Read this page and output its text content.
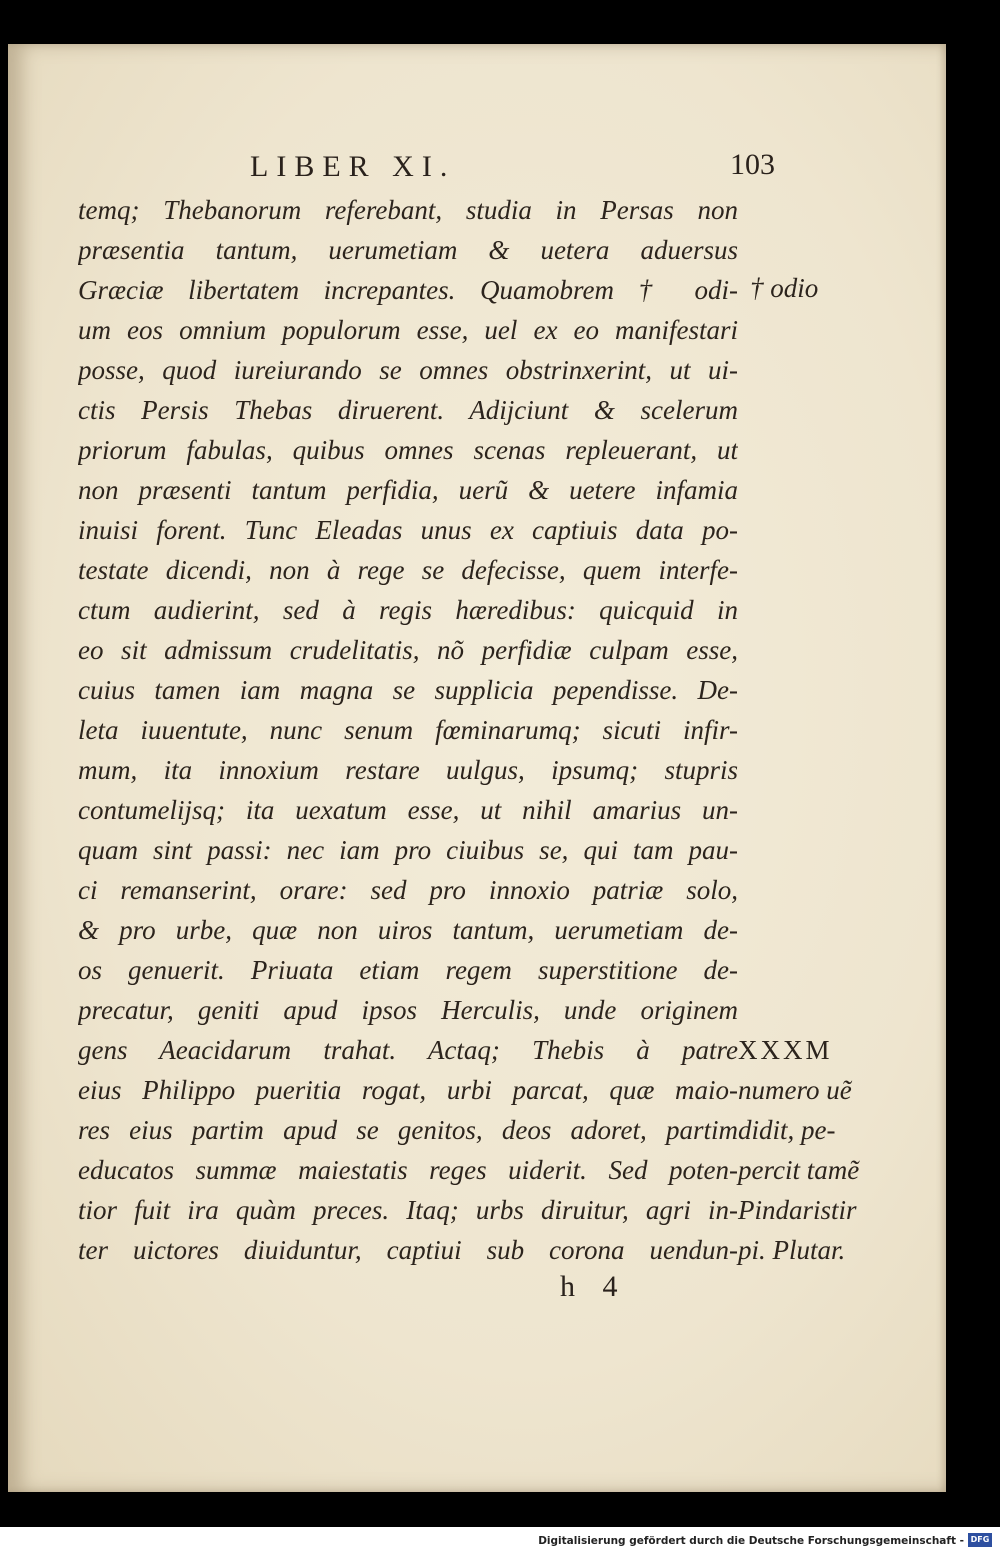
LIBER XI.	103
temq; Thebanorum referebant, studia in Persas non
præsentia tantum, uerumetiam & uetera aduersus
Græciæ libertatem increpantes. Quamobrem † odi-
um eos omnium populorum esse, uel ex eo manifestari
posse, quod iureiurando se omnes obstrinxerint, ut ui-
ctis Persis Thebas diruerent. Adijciunt & scelerum
priorum fabulas, quibus omnes scenas repleuerant, ut
non præsenti tantum perfidia, uerũ & uetere infamia
inuisi forent. Tunc Eleadas unus ex captiuis data po-
testate dicendi, non à rege se defecisse, quem interfe-
ctum audierint, sed à regis hæredibus: quicquid in
eo sit admissum crudelitatis, nõ perfidiæ culpam esse,
cuius tamen iam magna se supplicia pependisse. De-
leta iuuentute, nunc senum fœminarumq; sicuti infir-
mum, ita innoxium restare uulgus, ipsumq; stupris
contumelijsq; ita uexatum esse, ut nihil amarius un-
quam sint passi: nec iam pro ciuibus se, qui tam pau-
ci remanserint, orare: sed pro innoxio patriæ solo,
& pro urbe, quæ non uiros tantum, uerumetiam de-
os genuerit. Priuata etiam regem superstitione de-
precatur, geniti apud ipsos Herculis, unde originem
gens Aeacidarum trahat. Actaq; Thebis à patre
eius Philippo pueritia rogat, urbi parcat, quæ maio-
res eius partim apud se genitos, deos adoret, partim
educatos summæ maiestatis reges uiderit. Sed poten-
tior fuit ira quàm preces. Itaq; urbs diruitur, agri in-
ter uictores diuiduntur, captiui sub corona uendun-
† odio
XXXM
numero uẽ
didit, pe-
percit tamẽ
Pindaristir
pi. Plutar.
h 4
Digitalisierung gefördert durch die Deutsche Forschungsgemeinschaft - DFG
